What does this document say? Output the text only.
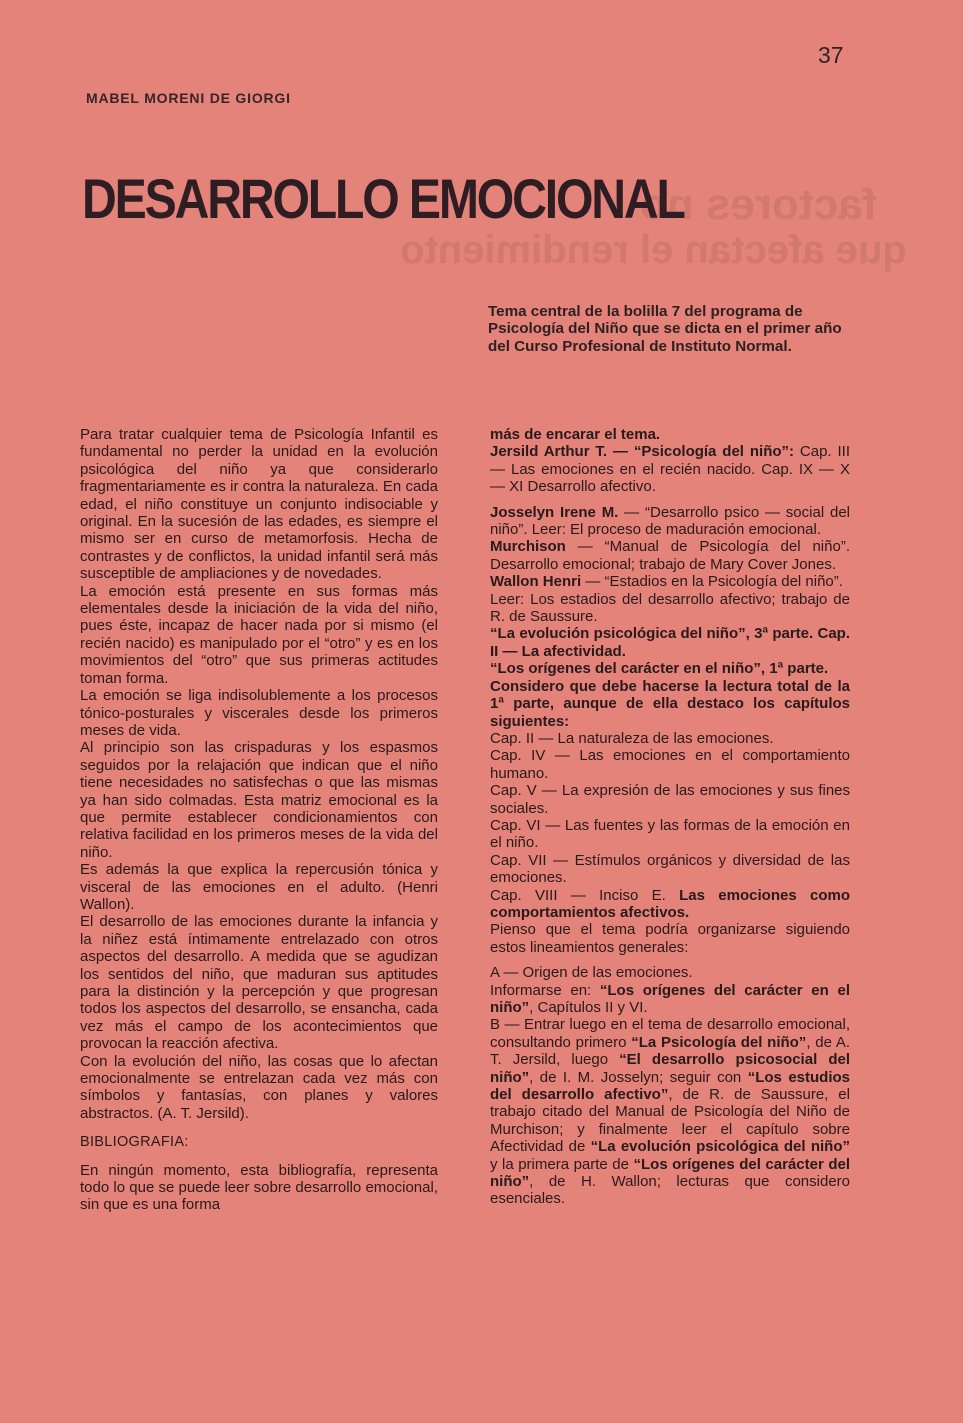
factores no
que afectan el rendimiento
37
MABEL MORENI DE GIORGI
DESARROLLO EMOCIONAL

Tema central de la bolilla 7 del programa de Psicología del Niño que se dicta en el primer año del Curso Profesional de Instituto Normal.

Para tratar cualquier tema de Psicología Infantil es fundamental no perder la unidad en la evolución psicológica del niño ya que considerarlo fragmentariamente es ir contra la naturaleza. En cada edad, el niño constituye un conjunto indisociable y original. En la sucesión de las edades, es siempre el mismo ser en curso de metamorfosis. Hecha de contrastes y de conflictos, la unidad infantil será más susceptible de ampliaciones y de novedades.

La emoción está presente en sus formas más elementales desde la iniciación de la vida del niño, pues éste, incapaz de hacer nada por si mismo (el recién nacido) es manipulado por el “otro” y es en los movimientos del “otro” que sus primeras actitudes toman forma.

La emoción se liga indisolublemente a los procesos tónico-posturales y viscerales desde los primeros meses de vida.

Al principio son las crispaduras y los espasmos seguidos por la relajación que indican que el niño tiene necesidades no satisfechas o que las mismas ya han sido colmadas. Esta matriz emocional es la que permite establecer condicionamientos con relativa facilidad en los primeros meses de la vida del niño.

Es además la que explica la repercusión tónica y visceral de las emociones en el adulto. (Henri Wallon).

El desarrollo de las emociones durante la infancia y la niñez está íntimamente entrelazado con otros aspectos del desarrollo. A medida que se agudizan los sentidos del niño, que maduran sus aptitudes para la distinción y la percepción y que progresan todos los aspectos del desarrollo, se ensancha, cada vez más el campo de los acontecimientos que provocan la reacción afectiva.

Con la evolución del niño, las cosas que lo afectan emocionalmente se entrelazan cada vez más con símbolos y fantasías, con planes y valores abstractos. (A. T. Jersild).

BIBLIOGRAFIA:

En ningún momento, esta bibliografía, representa todo lo que se puede leer sobre desarrollo emocional, sin que es una forma

más de encarar el tema.

Jersild Arthur T. — “Psicología del niño”: Cap. III — Las emociones en el recién nacido. Cap. IX — X — XI Desarrollo afectivo.

Josselyn Irene M. — “Desarrollo psico — social del niño”. Leer: El proceso de maduración emocional.

Murchison — “Manual de Psicología del niño”. Desarrollo emocional; trabajo de Mary Cover Jones.

Wallon Henri — “Estadios en la Psicología del niño”.

Leer: Los estadios del desarrollo afectivo; trabajo de R. de Saussure.

“La evolución psicológica del niño”, 3ª parte. Cap. II — La afectividad.

“Los orígenes del carácter en el niño”, 1ª parte.

Considero que debe hacerse la lectura total de la 1ª parte, aunque de ella destaco los capítulos siguientes:

Cap. II — La naturaleza de las emociones.

Cap. IV — Las emociones en el comportamiento humano.

Cap. V — La expresión de las emociones y sus fines sociales.

Cap. VI — Las fuentes y las formas de la emoción en el niño.

Cap. VII — Estímulos orgánicos y diversidad de las emociones.

Cap. VIII — Inciso E. Las emociones como comportamientos afectivos.

Pienso que el tema podría organizarse siguiendo estos lineamientos generales:

A — Origen de las emociones.

Informarse en: “Los orígenes del carácter en el niño”, Capítulos II y VI.

B — Entrar luego en el tema de desarrollo emocional, consultando primero “La Psicología del niño”, de A. T. Jersild, luego “El desarrollo psicosocial del niño”, de I. M. Josselyn; seguir con “Los estudios del desarrollo afectivo”, de R. de Saussure, el trabajo citado del Manual de Psicología del Niño de Murchison; y finalmente leer el capítulo sobre Afectividad de “La evolución psicológica del niño” y la primera parte de “Los orígenes del carácter del niño”, de H. Wallon; lecturas que considero esenciales.
